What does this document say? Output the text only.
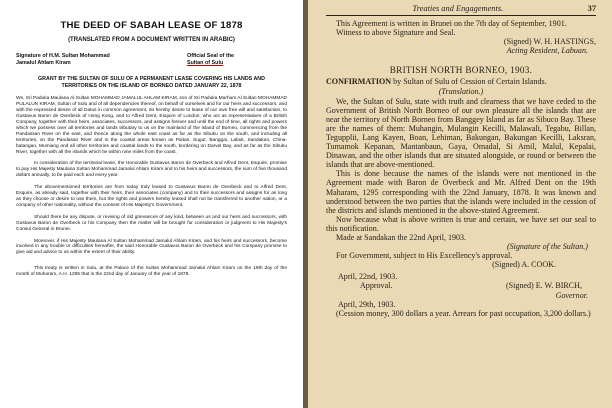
THE DEED OF SABAH LEASE OF 1878
(TRANSLATED FROM A DOCUMENT WRITTEN IN ARABIC)
Signature of H.M. Sultan Mohammad Jamalul Ahlam Kiram
Official Seal of the
Sultan of Sulu
GRANT BY THE SULTAN OF SULU OF A PERMANENT LEASE COVERING HIS LANDS AND TERRITORIES ON THE ISLAND OF BORNEO DATED JANUARY 22, 1878

We, Sri Paduka Maulana Al Sultan MOHAMMAD JAMALUL AHLAM KIRAM, son of Sri Paduka Marhum Al Sultan MOHAMMAD PULALUN KIRAM, Sultan of Sulu and of all dependencies thereof, on behalf of ourselves and for our heirs and successors, and with the expressed desire of all Datus in common agreement, do hereby desire to lease of our own free will and satisfaction, to Gustavus Baron de Overbeck of Hong Kong, and to Alfred Dent, Esquire of London, who act as representatives of a British Company, together with their heirs, associates, successors, and assigns forever and until the end of time, all rights and powers which we possess over all territories and lands tributary to us on the mainland of the island of Borneo, commencing from the Pandassan River on the east, and thence along the whole east coast as far as the Sibuku on the south, and including all territories, on the Pandasan River and in the coastal areas known as Paitan, Sugut, Banggai, Labuk, Sandakan, China-batangan, Mumiang and all other territories and coastal lands to the south, bordering on Darvel Bay, and as far as the Sibuku River, together with all the islands which lie within nine miles from the coast.

In consideration of the territorial lease, the Honorable Gustavus Baron de Overbeck and Alfred Dent, Esquire, promise to pay His Majesty Maulana Sultan Mohammad Jamalul Ahlam Kiram and to his heirs and successors, the sum of five thousand dollars annually, to be paid each and every year.

The abovementioned territories are from today truly leased to Gustavus Baron de Overbeck and to Alfred Dent, Esquire, as already said, together with their heirs, their associates (company) and to their successors and assigns for as long as they choose or desire to use them, but the rights and powers hereby leased shall not be transferred to another nation, or a company of other nationality, without the consent of His Majesty's Government.

Should there be any dispute, or reviving of old grievances of any kind, between us and our heirs and successors, with Gustavus Baron de Overbeck or his Company then the matter will be brought for consideration or judgment to His Majesty's Consul General in Brunei.

Moreover, if His Majesty Maulana Al Sultan Mohammad Jamalul Ahlam Kiram, and his heirs and successors, become involved in any trouble or difficulties hereafter, the said Honorable Gustavus Baron de Overbeck and his Company promise to give aid and advice to us within the extent of their ability.

This treaty is written in Sulu, at the Palace of the Sultan Mohammad Jamalul Ahlam Kiram on the 19th day of the month of Muharam, A.H. 1295 that is the 22nd day of January of the year of 1878.

Treaties and Engagements.	37

This Agreement is written in Brunei on the 7th day of September, 1901.

Witness to above Signature and Seal.

(Signed) W. H. HASTINGS,
Acting Resident, Labuan.
BRITISH NORTH BORNEO, 1903.

CONFIRMATION by Sultan of Sulu of Cession of Certain Islands.

(Translation.)

We, the Sultan of Sulu, state with truth and clearness that we have ceded to the Government of British North Borneo of our own pleasure all the islands that are near the territory of North Borneo from Banggey Island as far as Sibuco Bay. These are the names of them: Muhangin, Mulangin Kecilli, Malawali, Tegabu, Billan, Tegupplii, Lang Kayen, Boan, Lehiman, Bakungan, Bakungan Kecilli, Laksran, Tumamok Kepanan, Mantanbaun, Gaya, Omadal, Si Amil, Malul, Kepalai, Dinawan, and the other islands that are situated alongside, or round or between the islands that are above-mentioned.

This is done because the names of the islands were not mentioned in the Agreement made with Baron de Overbeck and Mr. Alfred Dent on the 19th Maharam, 1295 corresponding with the 22nd January, 1878. It was known and understood between the two parties that the islands were included in the cession of the districts and islands mentioned in the above-stated Agreement.

Now because what is above written is true and certain, we have set our seal to this notification.

Made at Sandakan the 22nd April, 1903.

(Signature of the Sultan.)

For Government, subject to His Excellency's approval.

(Signed) A. COOK.
April, 22nd, 1903.
Approval.	(Signed) E. W. BIRCH,
Governor.
April, 29th, 1903.

(Cession money, 300 dollars a year. Arrears for past occupation, 3,200 dollars.)
